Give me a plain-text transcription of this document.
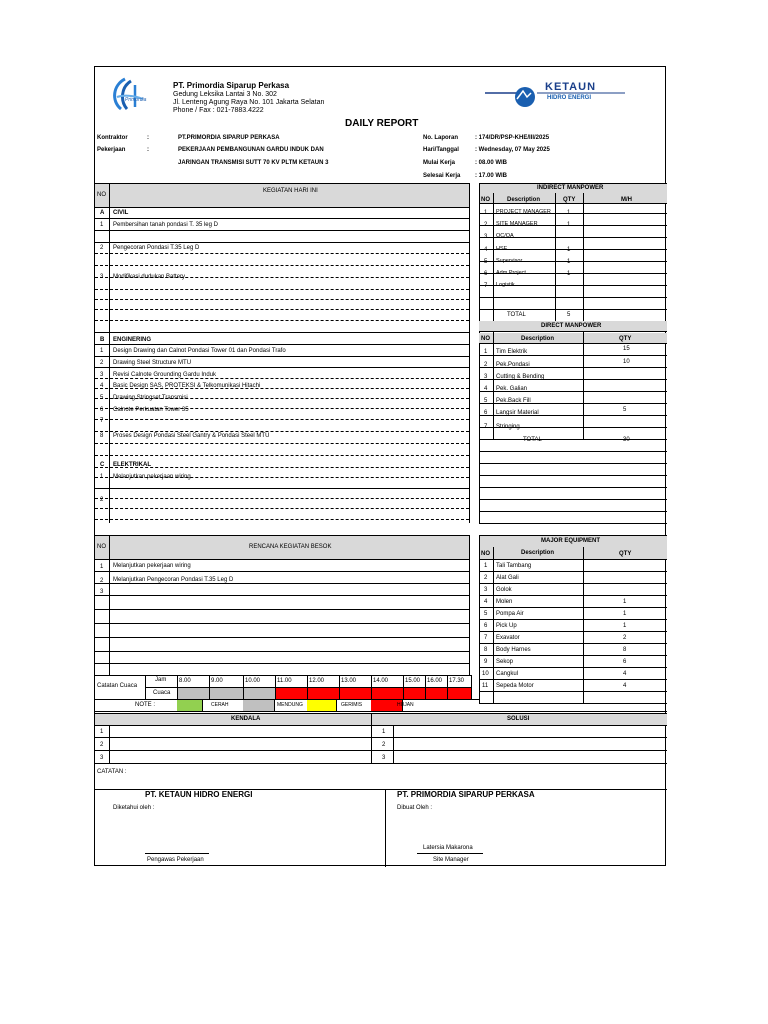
Primordia
PT. Primordia Siparup Perkasa
Gedung Leksika Lantai 3 No. 302
Jl. Lenteng Agung Raya No. 101 Jakarta Selatan
Phone / Fax : 021-7883.4222
KETAUN
HIDRO ENERGI
DAILY REPORT
Kontraktor	:	PT.PRIMORDIA SIPARUP PERKASA
Pekerjaan	:	PEKERJAAN PEMBANGUNAN GARDU INDUK DAN
JARINGAN TRANSMISI SUTT 70 KV PLTM KETAUN 3
No. Laporan	: 174/DR/PSP-KHE/III/2025
Hari/Tanggal	: Wednesday, 07 May 2025
Mulai Kerja	: 08.00 WIB
Selesai Kerja : 17.00 WIB
NO
KEGIATAN HARI INI
A CIVIL
1 Pembersihan tanah pondasi T. 35 leg D
2 Pengecoran Pondasi T.35 Leg D
3 Modifikasi dudukan Battery
B ENGINERING
1 Design Drawing dan Calnot Pondasi Tower 01 dan Pondasi Trafo
2 Drawing Steel Structure MTU
3 Revisi Calnote Grounding Gardu Induk
4 Basic Design SAS, PROTEKSI & Telkomunikasi Hitachi
5 Drawing Stringset Transmisi
6 Calnote Perkuatan Tower 35
7
8 Proses Design Pondasi Steel Gantry & Pondasi Steel MTU
C ELEKTRIKAL
1 Melanjutkan pekerjaan wiring
2
INDIRECT MANPOWER
NO	Description	QTY	M/H
1 PROJECT MANAGER	1
2 SITE MANAGER	1
3 QC/QA
4 HSE	1
5 Supervisor	1
6 Adm Project	1
7 Logistik
TOTAL	5
DIRECT MANPOWER
NO	Description	QTY
1 Tim Elektrik	15
2 Pek.Pondasi	10
3 Cutting & Bending
4 Pek. Galian
5 Pek.Back Fill
6 Langsir Material	5
7 Stringing
TOTAL	30
NO	RENCANA KEGIATAN BESOK
1 Melanjutkan pekerjaan wiring
2 Melanjutkan Pengecoran Pondasi T.35 Leg D
3
MAJOR EQUIPMENT
NO	Description	QTY
1 Tali Tambang
2 Alat Gali
3 Golok
4 Molen	1
5 Pompa Air	1
6 Pick Up	1
7 Exavator	2
8 Body Harnes	8
9 Sekop	6
10 Cangkul	4
11 Sepeda Motor	4
Catatan Cuaca
Jam
Cuaca
8.00	9.00	10.00	11.00	12.00	13.00	14.00	15.00 16.00 17.30
NOTE :	CERAH	MENDUNG	GERIMIS	HUJAN
KENDALA	SOLUSI
1	1
2	2
3	3
CATATAN :
PT. KETAUN HIDRO ENERGI
Diketahui oleh :
Pengawas Pekerjaan
PT. PRIMORDIA SIPARUP PERKASA
Dibuat Oleh :
Latersia Makarona
Site Manager
